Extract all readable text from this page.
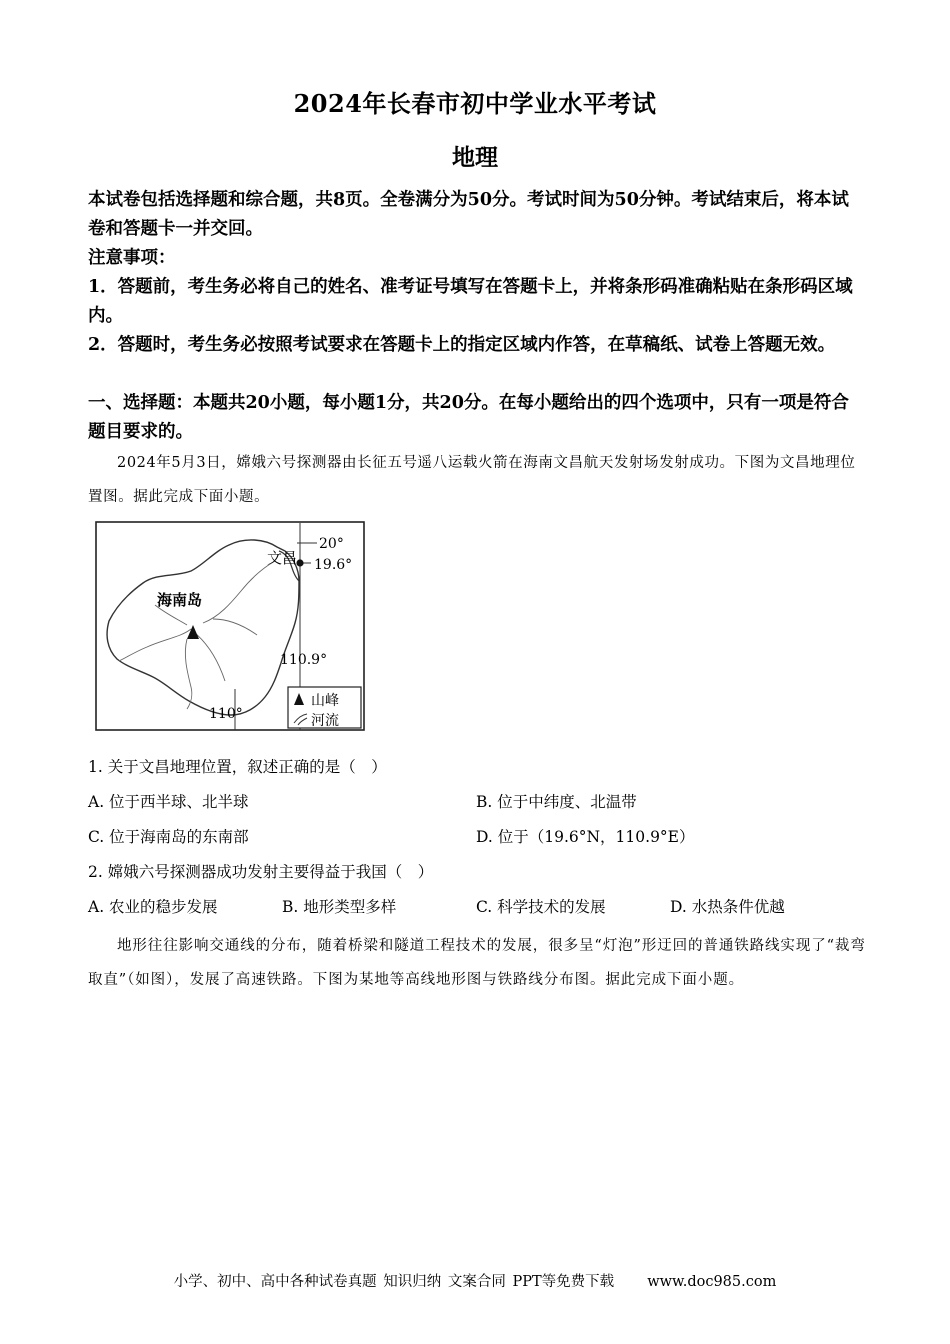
2024年长春市初中学业水平考试
地理
本试卷包括选择题和综合题，共8页。全卷满分为50分。考试时间为50分钟。考试结束后，将本试卷和答题卡一并交回。
注意事项：
1．答题前，考生务必将自己的姓名、准考证号填写在答题卡上，并将条形码准确粘贴在条形码区域内。
2．答题时，考生务必按照考试要求在答题卡上的指定区域内作答，在草稿纸、试卷上答题无效。
一、选择题：本题共20小题，每小题1分，共20分。在每小题给出的四个选项中，只有一项是符合题目要求的。
2024年5月3日，嫦娥六号探测器由长征五号遥八运载火箭在海南文昌航天发射场发射成功。下图为文昌地理位置图。据此完成下面小题。
海南岛
文昌
20°
19.6°
110.9°
110°
山峰
河流
1. 关于文昌地理位置，叙述正确的是（　）
A. 位于西半球、北半球	B. 位于中纬度、北温带
C. 位于海南岛的东南部	D. 位于（19.6°N，110.9°E）
2. 嫦娥六号探测器成功发射主要得益于我国（　）
A. 农业的稳步发展	B. 地形类型多样	C. 科学技术的发展	D. 水热条件优越
地形往往影响交通线的分布，随着桥梁和隧道工程技术的发展，很多呈“灯泡”形迂回的普通铁路线实现了“裁弯取直”（如图），发展了高速铁路。下图为某地等高线地形图与铁路线分布图。据此完成下面小题。
小学、初中、高中各种试卷真题 知识归纳 文案合同 PPT等免费下载 www.doc985.com
